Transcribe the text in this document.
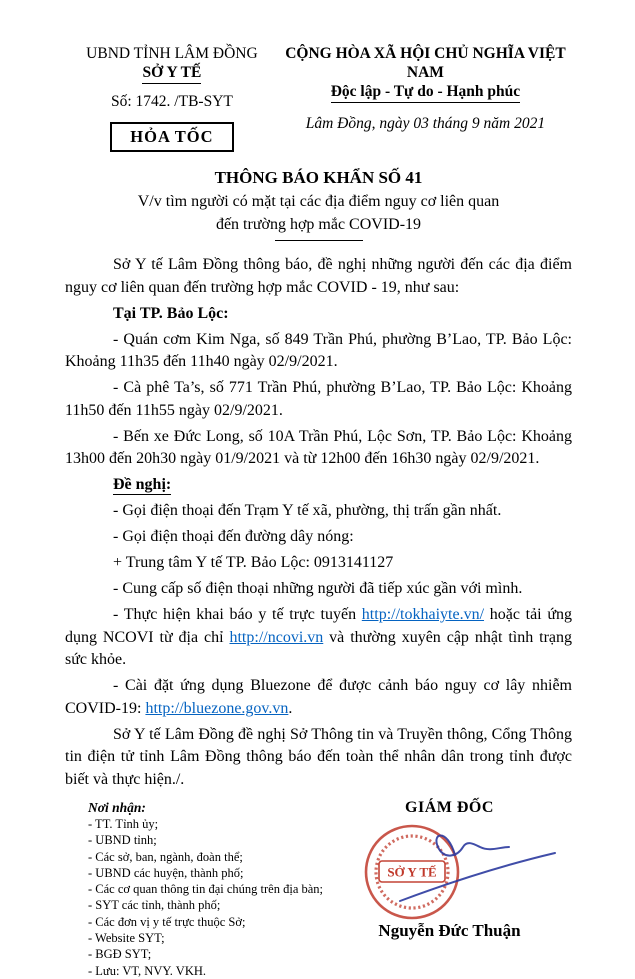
UBND TỈNH LÂM ĐỒNG
SỞ Y TẾ
Số: 1742. /TB-SYT
HỎA TỐC
CỘNG HÒA XÃ HỘI CHỦ NGHĨA VIỆT NAM
Độc lập - Tự do - Hạnh phúc
Lâm Đồng, ngày 03 tháng 9 năm 2021
THÔNG BÁO KHẨN SỐ 41
V/v tìm người có mặt tại các địa điểm nguy cơ liên quan
đến trường hợp mắc COVID-19

Sở Y tế Lâm Đồng thông báo, đề nghị những người đến các địa điểm nguy cơ liên quan đến trường hợp mắc COVID - 19, như sau:

Tại TP. Bảo Lộc:

- Quán cơm Kim Nga, số 849 Trần Phú, phường B’Lao, TP. Bảo Lộc: Khoảng 11h35 đến 11h40 ngày 02/9/2021.

- Cà phê Ta’s, số 771 Trần Phú, phường B’Lao, TP. Bảo Lộc: Khoảng 11h50 đến 11h55 ngày 02/9/2021.

- Bến xe Đức Long, số 10A Trần Phú, Lộc Sơn, TP. Bảo Lộc: Khoảng 13h00 đến 20h30 ngày 01/9/2021 và từ 12h00 đến 16h30 ngày 02/9/2021.

Đề nghị:

- Gọi điện thoại đến Trạm Y tế xã, phường, thị trấn gần nhất.

- Gọi điện thoại đến đường dây nóng:

+ Trung tâm Y tế TP. Bảo Lộc: 0913141127

- Cung cấp số điện thoại những người đã tiếp xúc gần với mình.

- Thực hiện khai báo y tế trực tuyến http://tokhaiyte.vn/ hoặc tải ứng dụng NCOVI từ địa chỉ http://ncovi.vn và thường xuyên cập nhật tình trạng sức khỏe.

- Cài đặt ứng dụng Bluezone để được cảnh báo nguy cơ lây nhiễm COVID-19: http://bluezone.gov.vn.

Sở Y tế Lâm Đồng đề nghị Sở Thông tin và Truyền thông, Cổng Thông tin điện tử tỉnh Lâm Đồng thông báo đến toàn thể nhân dân trong tỉnh được biết và thực hiện./.

Nơi nhận:
- TT. Tỉnh ủy;
- UBND tỉnh;
- Các sở, ban, ngành, đoàn thể;
- UBND các huyện, thành phố;
- Các cơ quan thông tin đại chúng trên địa bàn;
- SYT các tỉnh, thành phố;
- Các đơn vị y tế trực thuộc Sở;
- Website SYT;
- BGĐ SYT;
- Lưu: VT, NVY. VKH.
GIÁM ĐỐC
SỞ Y TẾ
Nguyễn Đức Thuận
